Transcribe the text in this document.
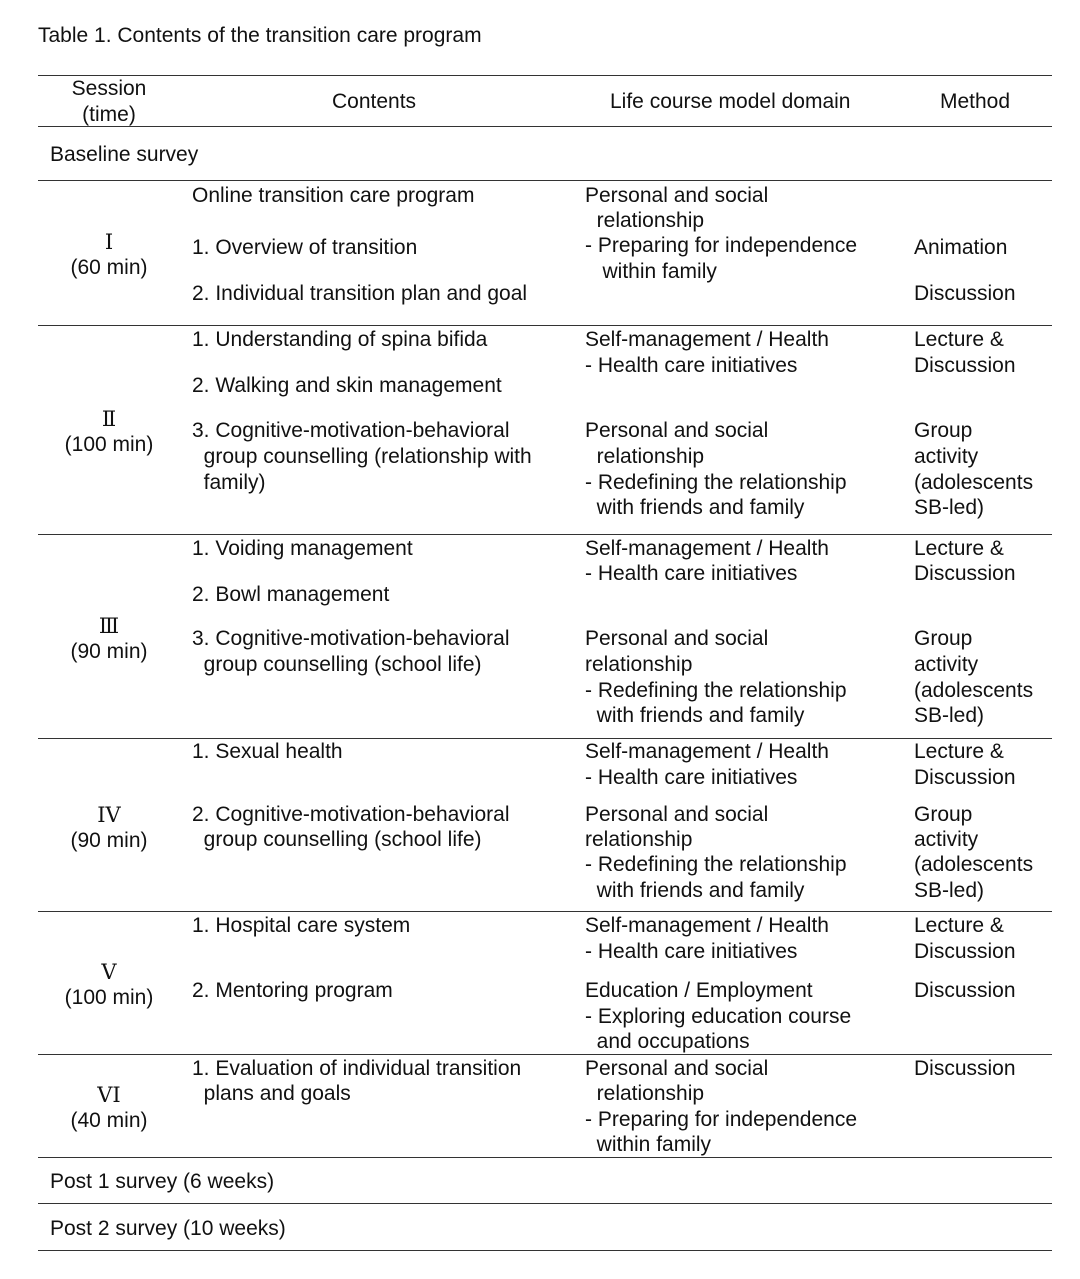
Table 1. Contents of the transition care program
Session
(time)
Contents	Life course model domain	Method
Baseline survey
Ⅰ
(60 min)
Online transition care program
1. Overview of transition
2. Individual transition plan and goal
Personal and social
relationship
- Preparing for independence
within family
Animation
Discussion
Ⅱ
(100 min)
1. Understanding of spina bifida
2. Walking and skin management
3. Cognitive-motivation-behavioral
group counselling (relationship with
family)
Self-management / Health
- Health care initiatives
Personal and social
relationship
- Redefining the relationship
with friends and family
Lecture &
Discussion
Group
activity
(adolescents
SB-led)
Ⅲ
(90 min)
1. Voiding management
2. Bowl management
3. Cognitive-motivation-behavioral
group counselling (school life)
Self-management / Health
- Health care initiatives
Personal and social
relationship
- Redefining the relationship
with friends and family
Lecture &
Discussion
Group
activity
(adolescents
SB-led)
IV
(90 min)
1. Sexual health
2. Cognitive-motivation-behavioral
group counselling (school life)
Self-management / Health
- Health care initiatives
Personal and social
relationship
- Redefining the relationship
with friends and family
Lecture &
Discussion
Group
activity
(adolescents
SB-led)
V
(100 min)
1. Hospital care system
2. Mentoring program
Self-management / Health
- Health care initiatives
Education / Employment
- Exploring education course
and occupations
Lecture &
Discussion
Discussion
VI
(40 min)
1. Evaluation of individual transition
plans and goals
Personal and social
relationship
- Preparing for independence
within family
Discussion
Post 1 survey (6 weeks)
Post 2 survey (10 weeks)
